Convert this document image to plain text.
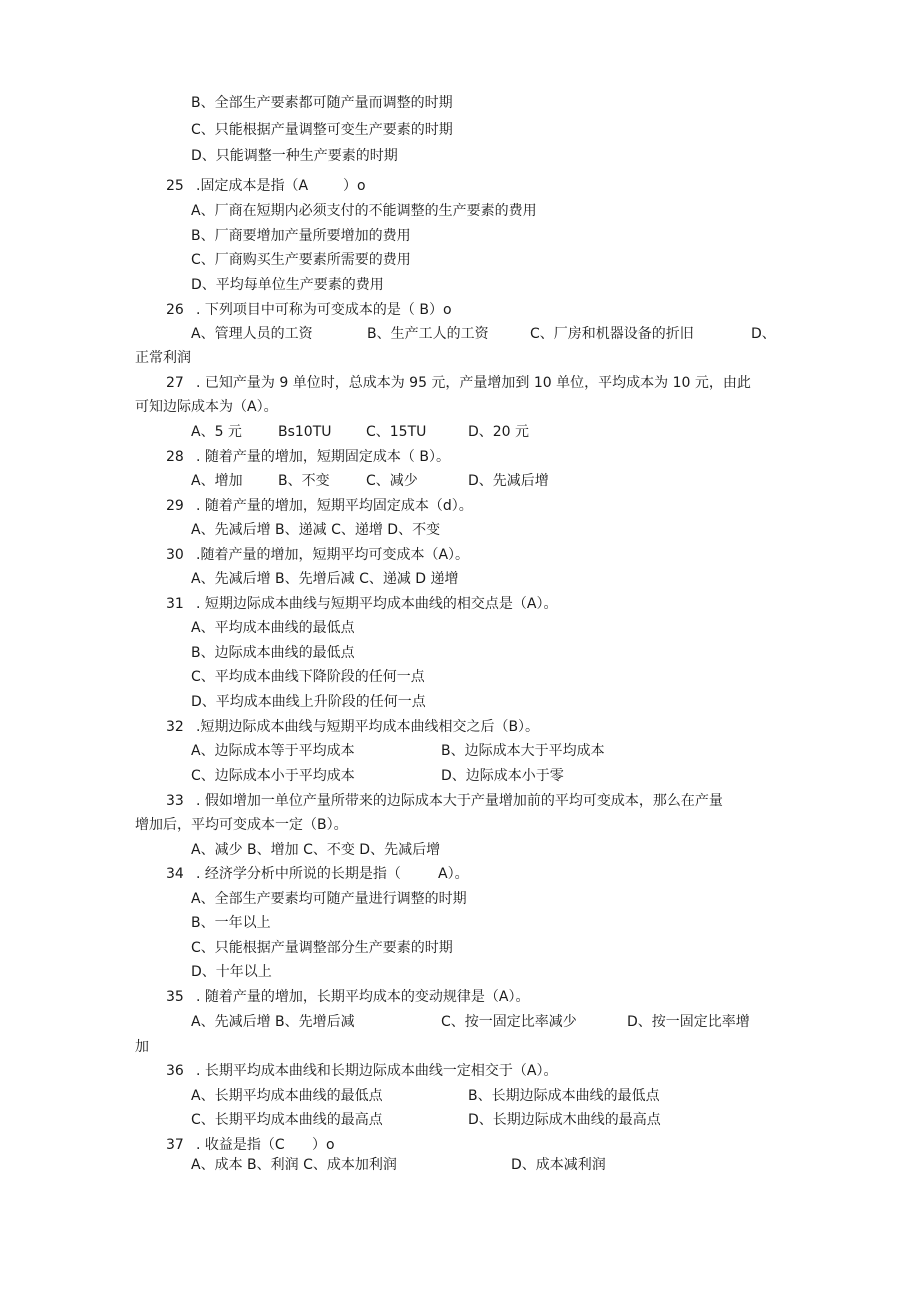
B、全部生产要素都可随产量而调整的时期
C、只能根据产量调整可变生产要素的时期
D、只能调整一种生产要素的时期
25 .固定成本是指（A ）o
A、厂商在短期内必须支付的不能调整的生产要素的费用
B、厂商要增加产量所要增加的费用
C、厂商购买生产要素所需要的费用
D、平均每单位生产要素的费用
26 . 下列项目中可称为可变成本的是（ B）o
A、管理人员的工资	B、生产工人的工资	C、厂房和机器设备的折旧	D、
正常利润
27 . 已知产量为 9 单位时，总成本为 95 元，产量增加到 10 单位，平均成本为 10 元，由此
可知边际成本为（A）。
A、5 元	Bs10TU C、15TU	D、20 元
28 . 随着产量的增加，短期固定成本（ B）。
A、增加	B、不变	C、减少	D、先减后增
29 . 随着产量的增加，短期平均固定成本（d）。
A、先减后增 B、递减 C、递增 D、不变
30 .随着产量的增加，短期平均可变成本（A）。
A、先减后增 B、先增后减 C、递减 D 递增
31 . 短期边际成本曲线与短期平均成本曲线的相交点是（A）。
A、平均成本曲线的最低点
B、边际成本曲线的最低点
C、平均成本曲线下降阶段的任何一点
D、平均成本曲线上升阶段的任何一点
32 .短期边际成本曲线与短期平均成本曲线相交之后（B）。
A、边际成本等于平均成本	B、边际成本大于平均成本
C、边际成本小于平均成本	D、边际成本小于零
33 . 假如增加一单位产量所带来的边际成本大于产量增加前的平均可变成本，那么在产量
增加后，平均可变成本一定（B）。
A、减少 B、增加 C、不变 D、先减后增
34 . 经济学分析中所说的长期是指（	A）。
A、全部生产要素均可随产量进行调整的时期
B、一年以上
C、只能根据产量调整部分生产要素的时期
D、十年以上
35 . 随着产量的增加，长期平均成本的变动规律是（A）。
A、先减后增 B、先增后减	C、按一固定比率减少	D、按一固定比率增
加
36 . 长期平均成本曲线和长期边际成本曲线一定相交于（A）。
A、长期平均成本曲线的最低点	B、长期边际成本曲线的最低点
C、长期平均成本曲线的最高点	D、长期边际成木曲线的最高点
37 . 收益是指（C ）o
A、成本 B、利润 C、成本加利润	D、成本减利润
